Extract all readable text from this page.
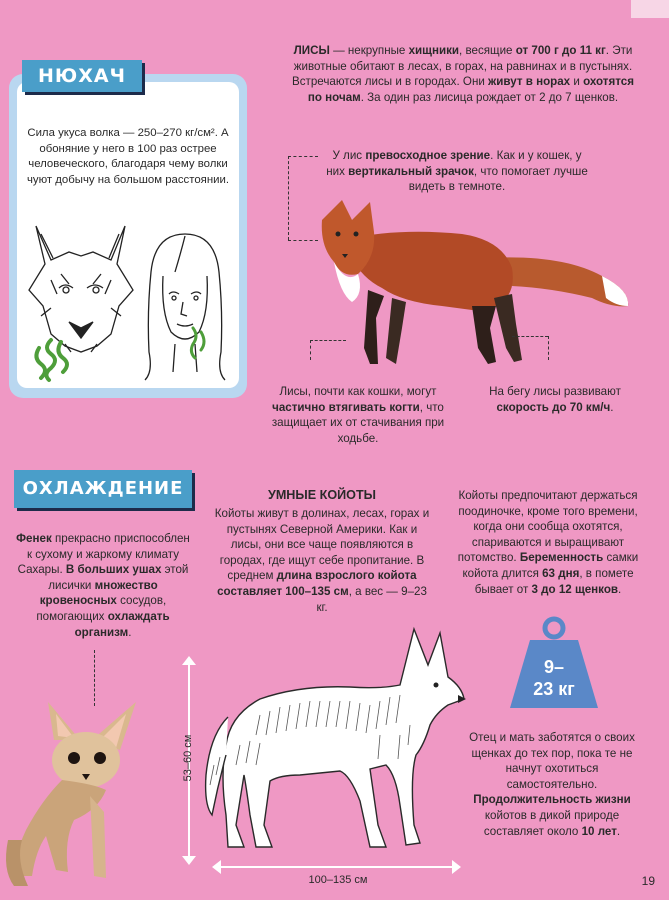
Сила укуса волка — 250–270 кг/см². А обоняние у него в 100 раз острее человеческого, благодаря чему волки чуют добычу на большом расстоянии.
НЮХАЧ
ЛИСЫ — некрупные хищники, весящие от 700 г до 11 кг. Эти животные обитают в лесах, в горах, на равнинах и в пустынях. Встречаются лисы и в городах. Они живут в норах и охотятся по ночам. За один раз лисица рождает от 2 до 7 щенков.
У лис превосходное зрение. Как и у кошек, у них вертикальный зрачок, что помогает лучше видеть в темноте.
Лисы, почти как кошки, могут частично втягивать когти, что защищает их от стачивания при ходьбе.
На бегу лисы развивают скорость до 70 км/ч.
ОХЛАЖДЕНИЕ
Фенек прекрасно приспособлен к сухому и жаркому климату Сахары. В больших ушах этой лисички множество кровеносных сосудов, помогающих охлаждать организм.
УМНЫЕ КОЙОТЫ
Койоты живут в долинах, лесах, горах и пустынях Северной Америки. Как и лисы, они все чаще появляются в городах, где ищут себе пропитание. В среднем длина взрослого койота составляет 100–135 см, а вес — 9–23 кг.
Койоты предпочитают держаться поодиночке, кроме того времени, когда они сообща охотятся, спариваются и выращивают потомство. Беременность самки койота длится 63 дня, в помете бывает от 3 до 12 щенков.
9–
23 кг
Отец и мать заботятся о своих щенках до тех пор, пока те не начнут охотиться самостоятельно. Продолжительность жизни койотов в дикой природе составляет около 10 лет.
53–60 см
100–135 см	19
